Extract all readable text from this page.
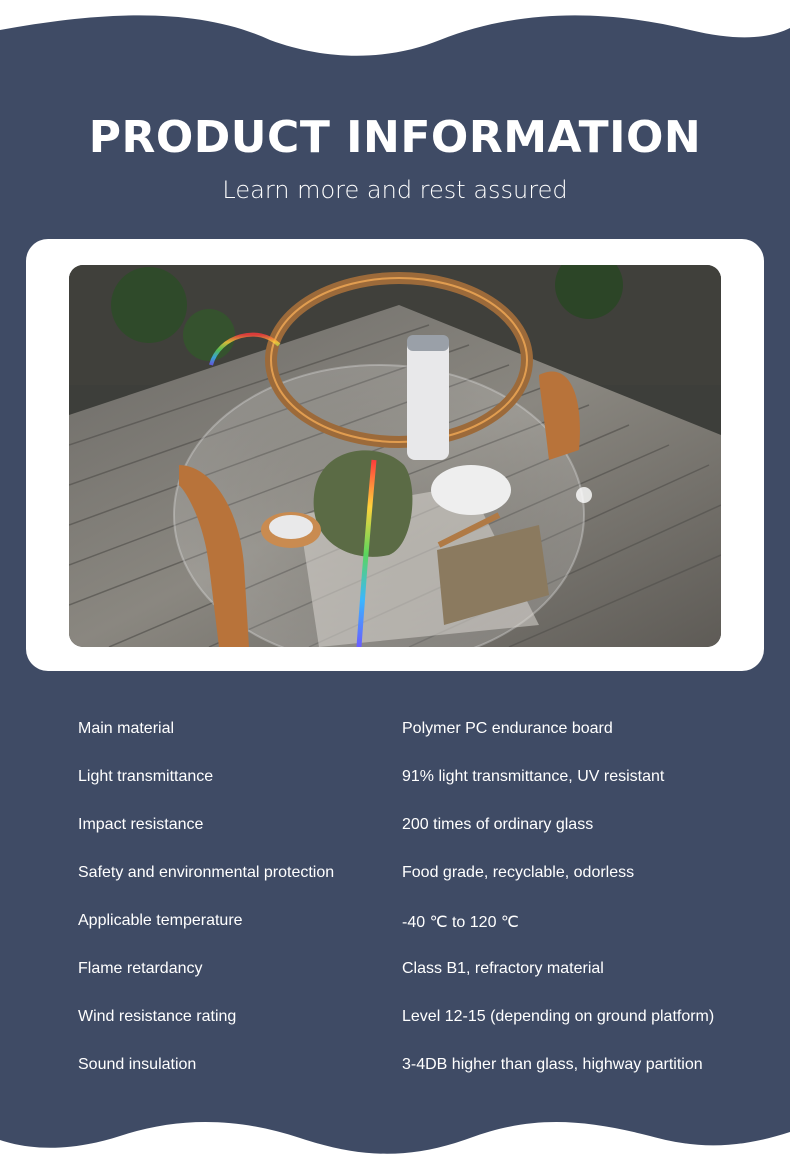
PRODUCT INFORMATION
Learn more and rest assured
Main material	Polymer PC endurance board
Light transmittance	91% light transmittance, UV resistant
Impact resistance	200 times of ordinary glass
Safety and environmental protection	Food grade, recyclable, odorless
Applicable temperature	-40 ℃ to 120 ℃
Flame retardancy	Class B1, refractory material
Wind resistance rating	Level 12-15 (depending on ground platform)
Sound insulation	3-4DB higher than glass, highway partition
